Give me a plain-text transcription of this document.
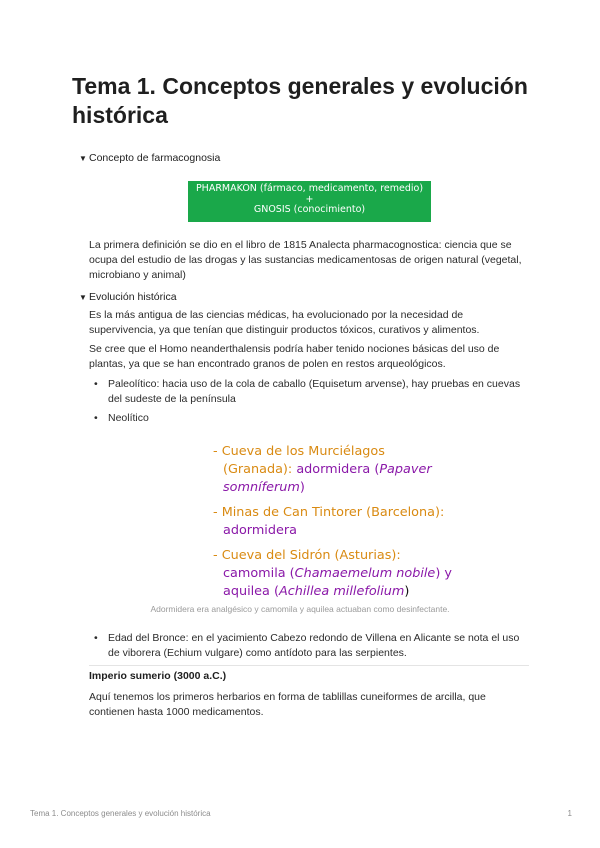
Tema 1. Conceptos generales y evolución histórica
▼ Concepto de farmacognosia
PHARMAKON (fármaco, medicamento, remedio)
+
GNOSIS (conocimiento)

La primera definición se dio en el libro de 1815 Analecta pharmacognostica: ciencia que se ocupa del estudio de las drogas y las sustancias medicamentosas de origen natural (vegetal, microbiano y animal)

▼ Evolución histórica

Es la más antigua de las ciencias médicas, ha evolucionado por la necesidad de supervivencia, ya que tenían que distinguir productos tóxicos, curativos y alimentos.

Se cree que el Homo neanderthalensis podría haber tenido nociones básicas del uso de plantas, ya que se han encontrado granos de polen en restos arqueológicos.

• Paleolítico: hacia uso de la cola de caballo (Equisetum arvense), hay pruebas en cuevas del sudeste de la península
• Neolítico
- Cueva de los Murciélagos
(Granada): adormidera (Papaver
somníferum)
- Minas de Can Tintorer (Barcelona):
adormidera
- Cueva del Sidrón (Asturias):
camomila (Chamaemelum nobile) y
aquilea (Achillea millefolium)
Adormidera era analgésico y camomila y aquilea actuaban como desinfectante.
• Edad del Bronce: en el yacimiento Cabezo redondo de Villena en Alicante se nota el uso de viborera (Echium vulgare) como antídoto para las serpientes.
Imperio sumerio (3000 a.C.)

Aquí tenemos los primeros herbarios en forma de tablillas cuneiformes de arcilla, que contienen hasta 1000 medicamentos.

Tema 1. Conceptos generales y evolución histórica	1
